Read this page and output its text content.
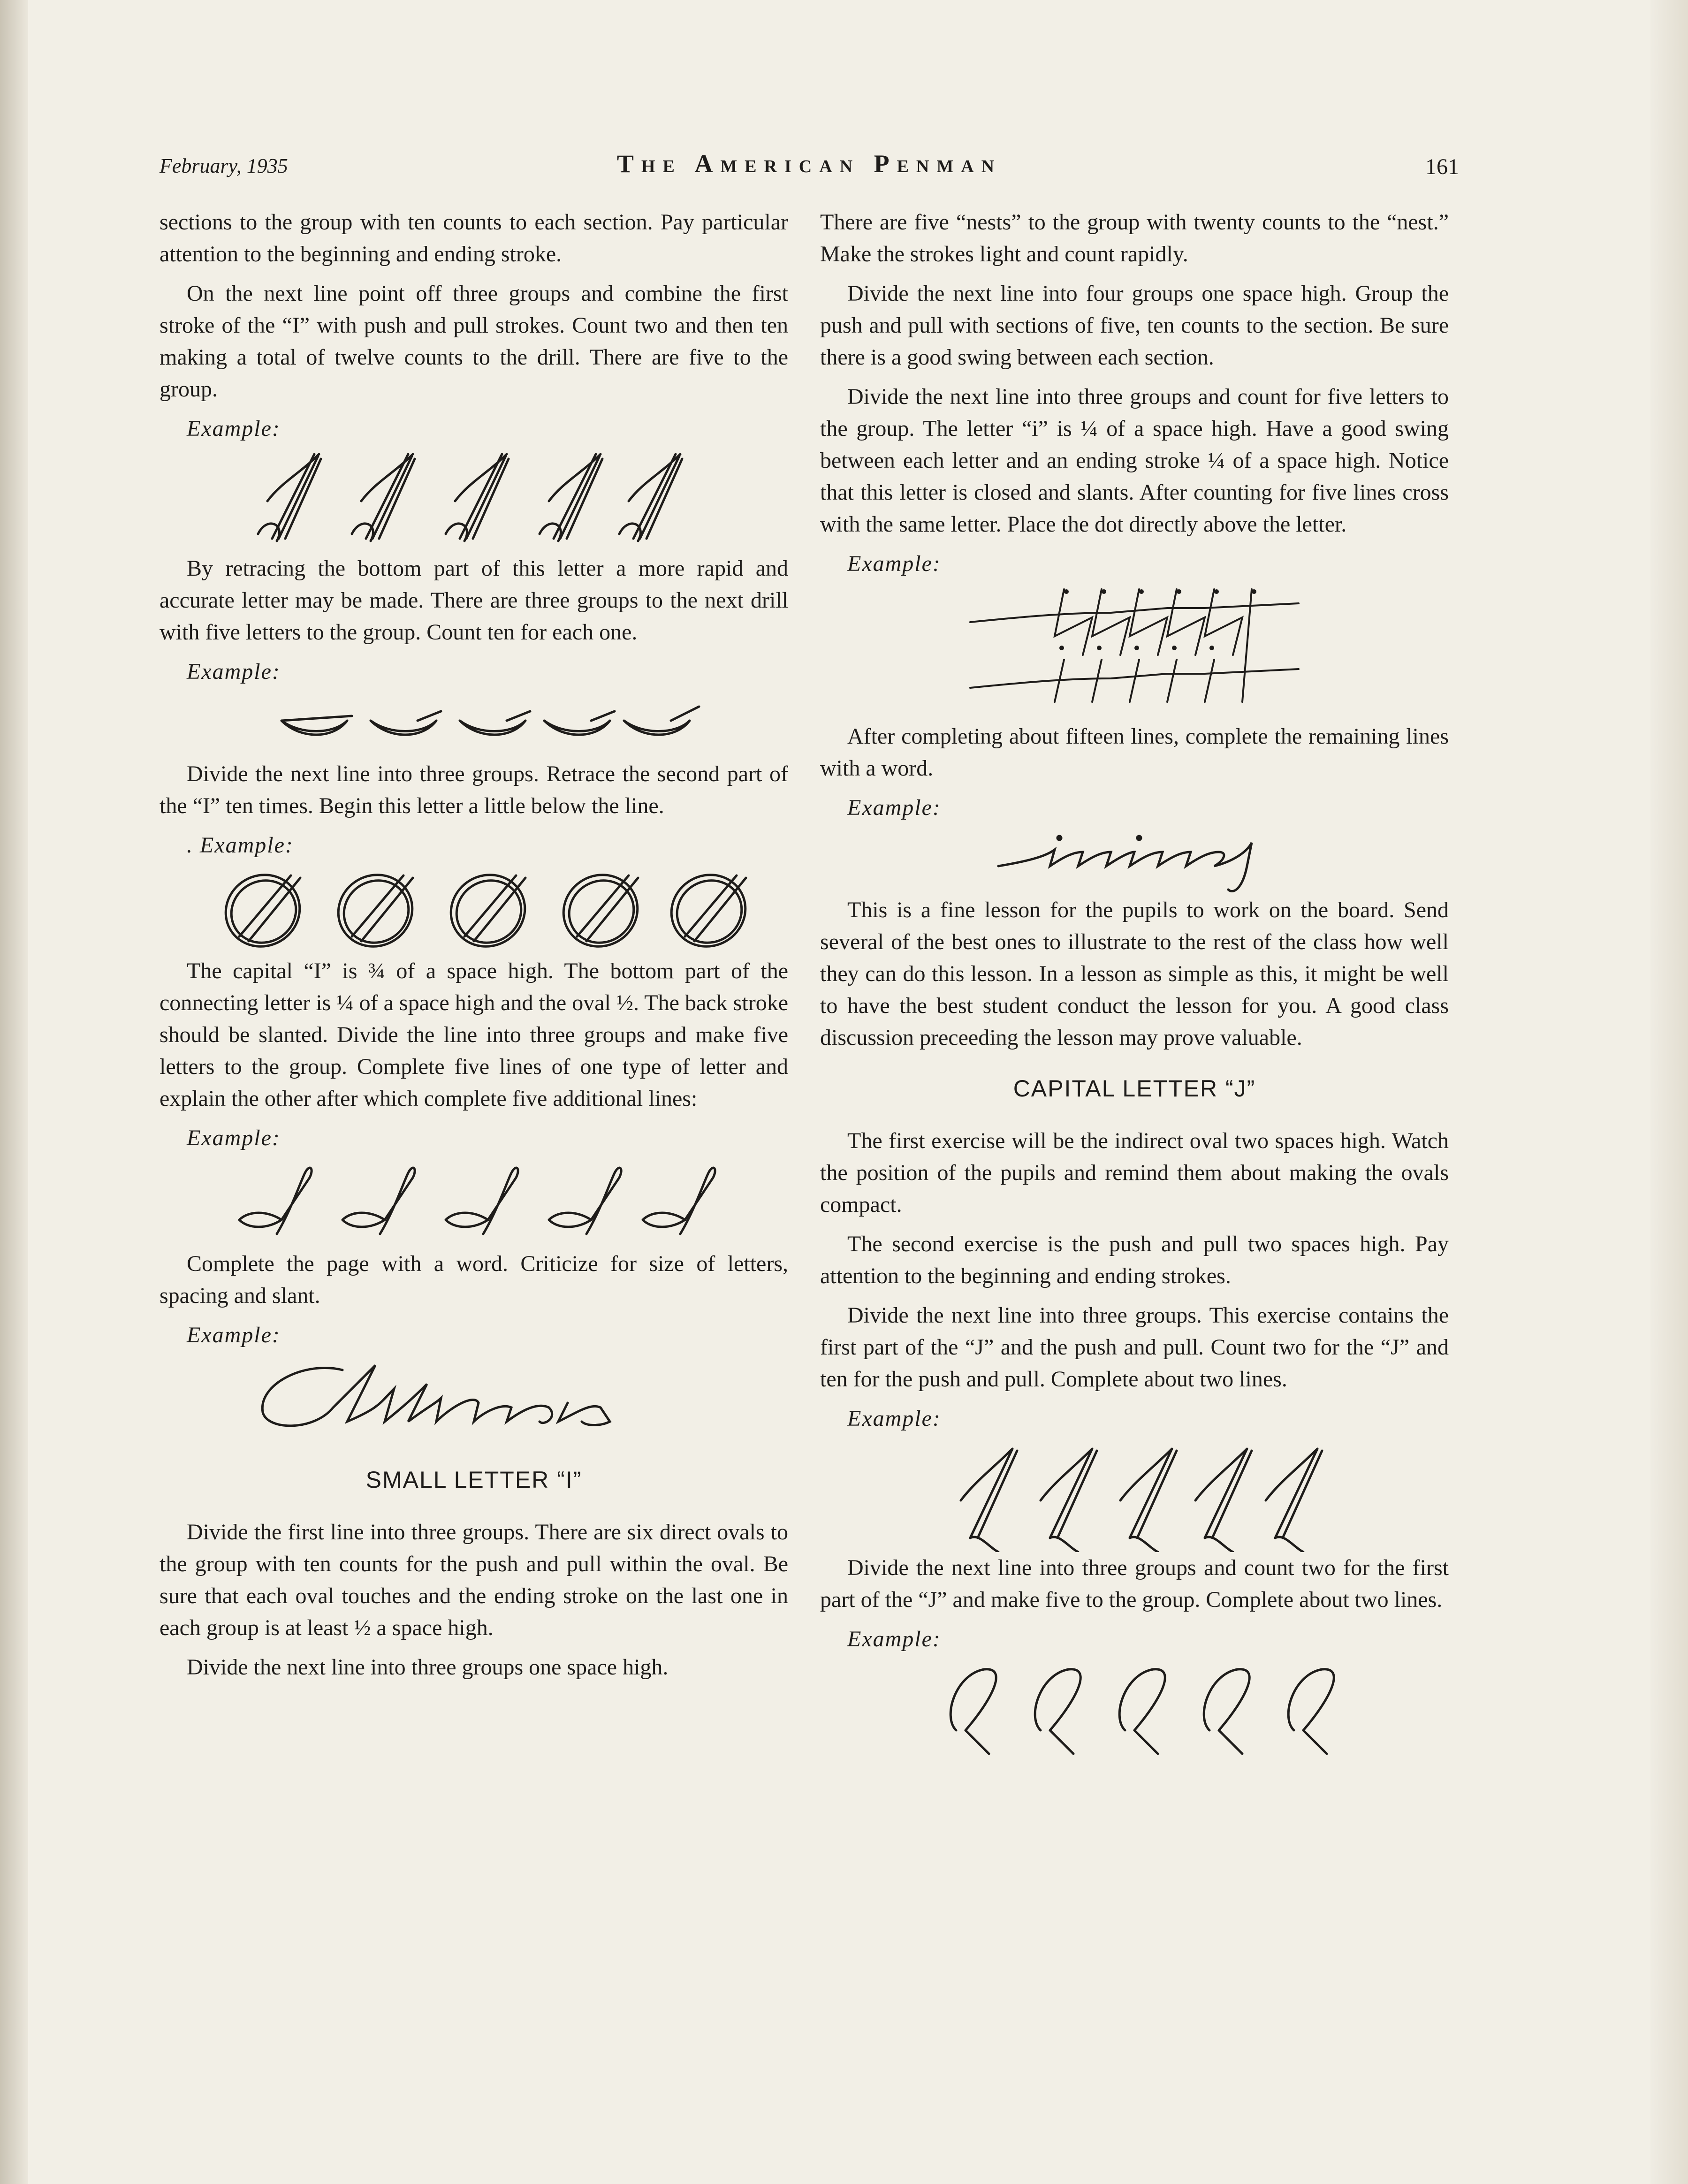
February, 1935	The American Penman	161

sections to the group with ten counts to each section. Pay particular attention to the beginning and ending stroke.

On the next line point off three groups and combine the first stroke of the “I” with push and pull strokes. Count two and then ten making a total of twelve counts to the drill. There are five to the group.

Example:

By retracing the bottom part of this letter a more rapid and accurate letter may be made. There are three groups to the next drill with five letters to the group. Count ten for each one.

Example:

Divide the next line into three groups. Retrace the second part of the “I” ten times. Begin this letter a little below the line.

. Example:

The capital “I” is ¾ of a space high. The bottom part of the connecting letter is ¼ of a space high and the oval ½. The back stroke should be slanted. Divide the line into three groups and make five letters to the group. Complete five lines of one type of letter and explain the other after which complete five additional lines:

Example:

Complete the page with a word. Criticize for size of letters, spacing and slant.

Example:
SMALL LETTER “I”

Divide the first line into three groups. There are six direct ovals to the group with ten counts for the push and pull within the oval. Be sure that each oval touches and the ending stroke on the last one in each group is at least ½ a space high.

Divide the next line into three groups one space high.

There are five “nests” to the group with twenty counts to the “nest.” Make the strokes light and count rapidly.

Divide the next line into four groups one space high. Group the push and pull with sections of five, ten counts to the section. Be sure there is a good swing between each section.

Divide the next line into three groups and count for five letters to the group. The letter “i” is ¼ of a space high. Have a good swing between each letter and an ending stroke ¼ of a space high. Notice that this letter is closed and slants. After counting for five lines cross with the same letter. Place the dot directly above the letter.

Example:

After completing about fifteen lines, complete the remaining lines with a word.

Example:

This is a fine lesson for the pupils to work on the board. Send several of the best ones to illustrate to the rest of the class how well they can do this lesson. In a lesson as simple as this, it might be well to have the best student conduct the lesson for you. A good class discussion preceeding the lesson may prove valuable.

CAPITAL LETTER “J”

The first exercise will be the indirect oval two spaces high. Watch the position of the pupils and remind them about making the ovals compact.

The second exercise is the push and pull two spaces high. Pay attention to the beginning and ending strokes.

Divide the next line into three groups. This exercise contains the first part of the “J” and the push and pull. Count two for the “J” and ten for the push and pull. Complete about two lines.

Example:

Divide the next line into three groups and count two for the first part of the “J” and make five to the group. Complete about two lines.

Example:
